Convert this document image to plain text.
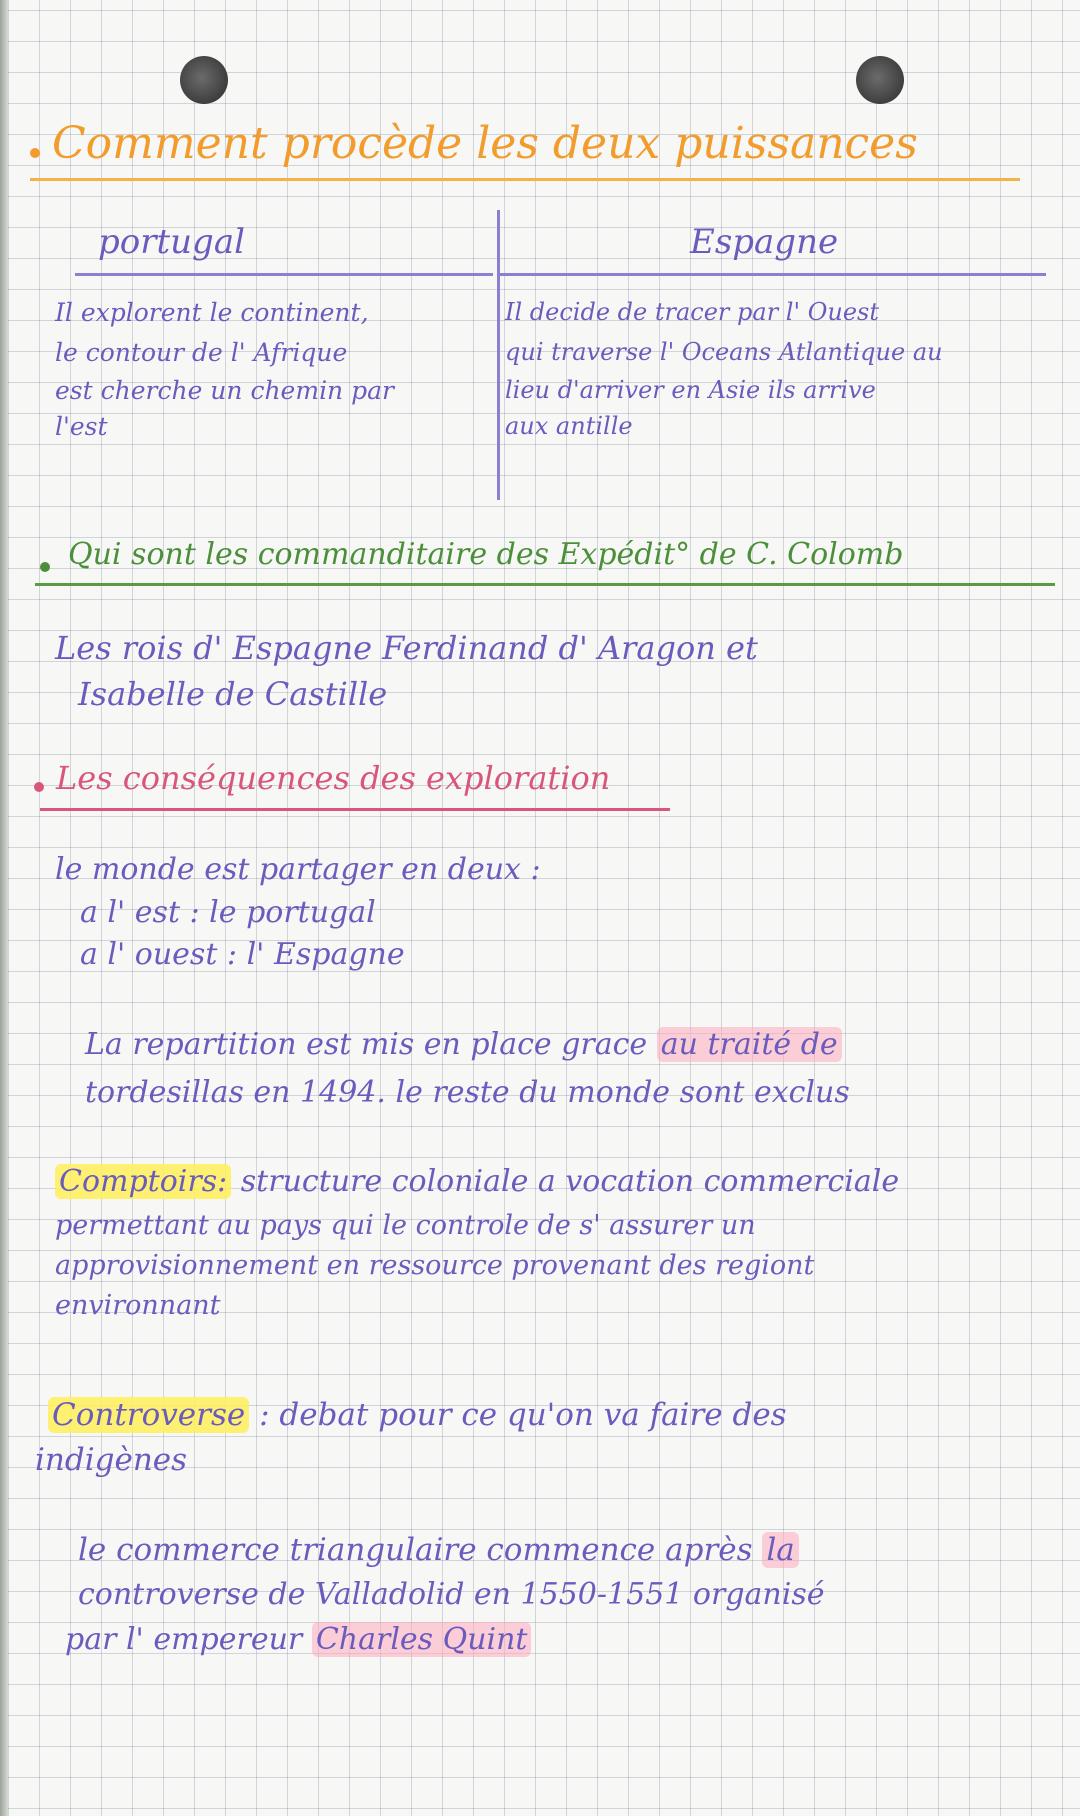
Comment procède les deux puissances
portugal	Espagne
Il explorent le continent,
le contour de l' Afrique
est cherche un chemin par
l'est
Il decide de tracer par l' Ouest
qui traverse l' Oceans Atlantique au
lieu d'arriver en Asie ils arrive
aux antille
Qui sont les commanditaire des Expédit° de C. Colomb
Les rois d' Espagne Ferdinand d' Aragon et
Isabelle de Castille
Les conséquences des exploration
le monde est partager en deux :
a l' est : le portugal
a l' ouest : l' Espagne
La repartition est mis en place grace au traité de
tordesillas en 1494. le reste du monde sont exclus
Comptoirs: structure coloniale a vocation commerciale
permettant au pays qui le controle de s' assurer un
approvisionnement en ressource provenant des regiont
environnant
Controverse : debat pour ce qu'on va faire des
indigènes
le commerce triangulaire commence après la
controverse de Valladolid en 1550-1551 organisé
par l' empereur Charles Quint
